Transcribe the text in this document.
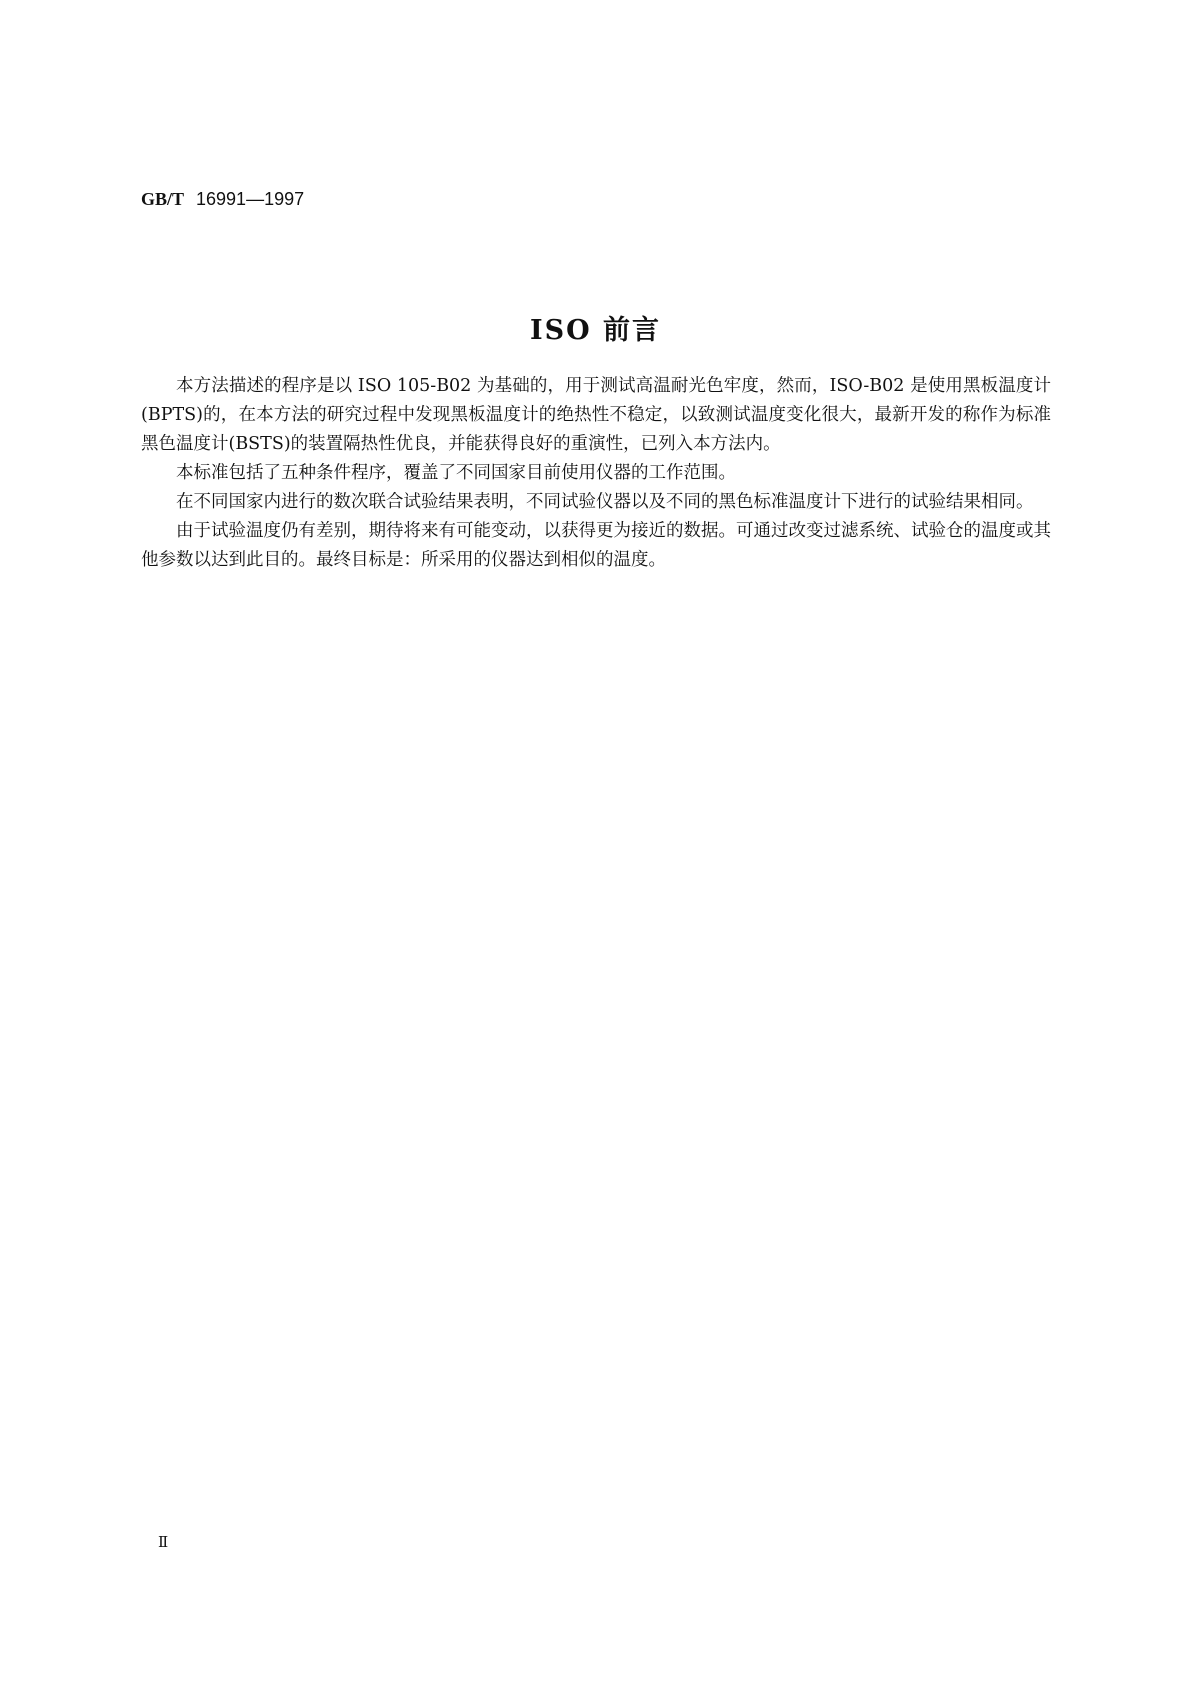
GB/T 16991—1997
ISO 前言

本方法描述的程序是以 ISO 105-B02 为基础的，用于测试高温耐光色牢度，然而，ISO-B02 是使用黑板温度计(BPTS)的，在本方法的研究过程中发现黑板温度计的绝热性不稳定，以致测试温度变化很大，最新开发的称作为标准黑色温度计(BSTS)的装置隔热性优良，并能获得良好的重演性，已列入本方法内。

本标准包括了五种条件程序，覆盖了不同国家目前使用仪器的工作范围。

在不同国家内进行的数次联合试验结果表明，不同试验仪器以及不同的黑色标准温度计下进行的试验结果相同。

由于试验温度仍有差别，期待将来有可能变动，以获得更为接近的数据。可通过改变过滤系统、试验仓的温度或其他参数以达到此目的。最终目标是：所采用的仪器达到相似的温度。

Ⅱ
